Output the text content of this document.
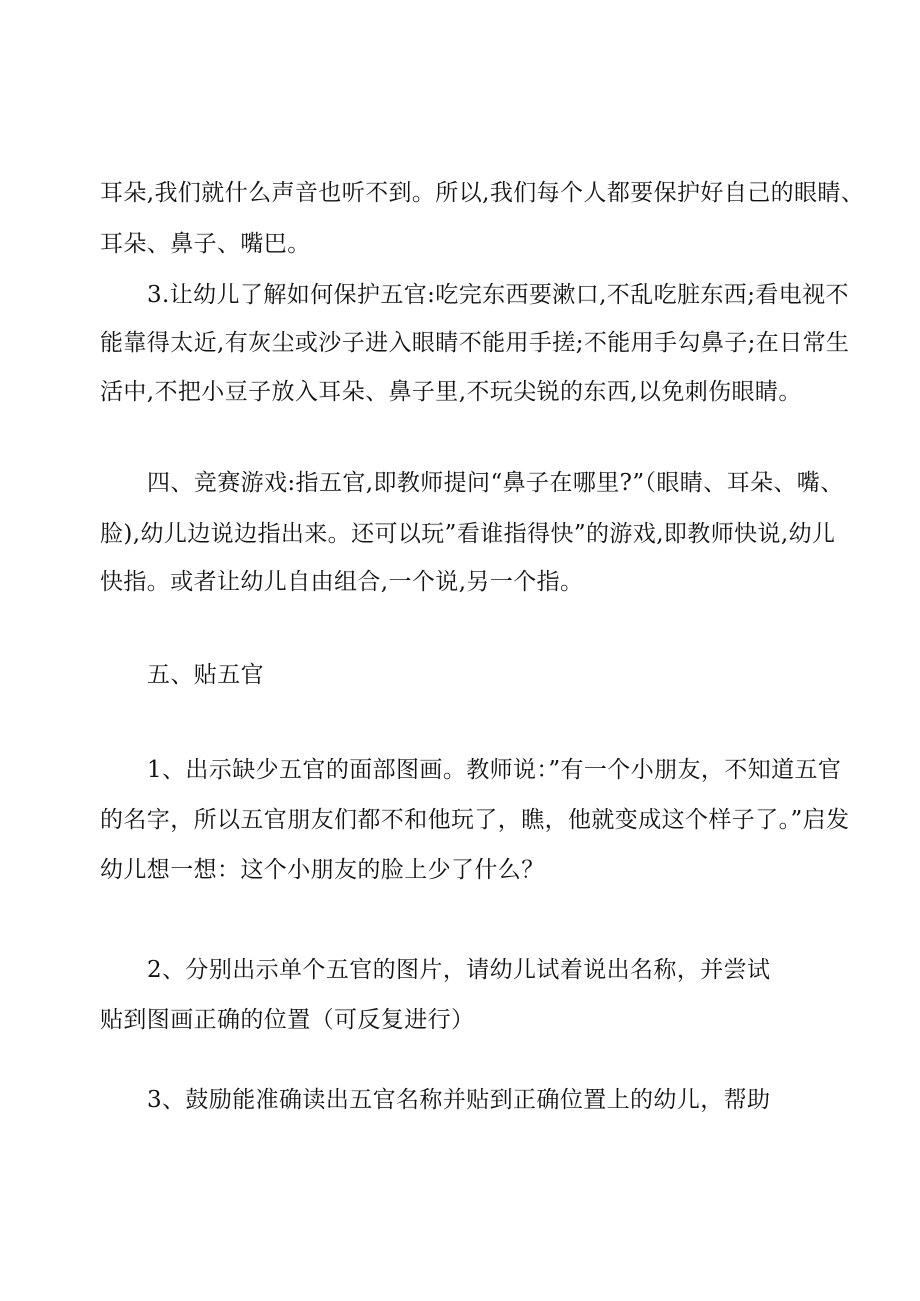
耳朵,我们就什么声音也听不到。所以,我们每个人都要保护好自己的眼睛、
耳朵、鼻子、嘴巴。
3.让幼儿了解如何保护五官:吃完东西要漱口,不乱吃脏东西;看电视不
能靠得太近,有灰尘或沙子进入眼睛不能用手搓;不能用手勾鼻子;在日常生
活中,不把小豆子放入耳朵、鼻子里,不玩尖锐的东西,以免刺伤眼睛。
四、竞赛游戏:指五官,即教师提问“鼻子在哪里?”（眼睛、耳朵、嘴、
脸),幼儿边说边指出来。还可以玩”看谁指得快”的游戏,即教师快说,幼儿
快指。或者让幼儿自由组合,一个说,另一个指。
五、贴五官
1、出示缺少五官的面部图画。教师说：”有一个小朋友，不知道五官
的名字，所以五官朋友们都不和他玩了，瞧，他就变成这个样子了。”启发
幼儿想一想：这个小朋友的脸上少了什么？
2、分别出示单个五官的图片，请幼儿试着说出名称，并尝试
贴到图画正确的位置（可反复进行）
3、鼓励能准确读出五官名称并贴到正确位置上的幼儿，帮助
